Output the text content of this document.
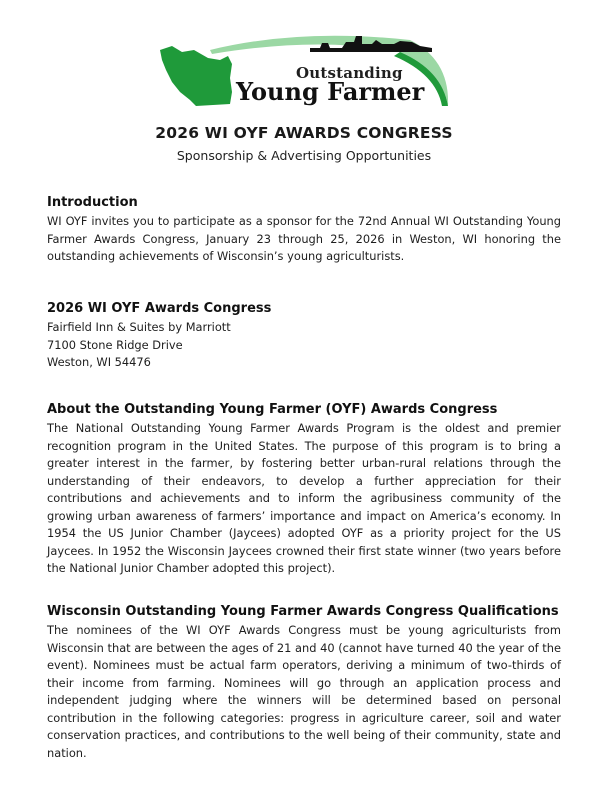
Outstanding
Young Farmer
2026 WI OYF AWARDS CONGRESS
Sponsorship & Advertising Opportunities
Introduction

WI OYF invites you to participate as a sponsor for the 72nd Annual WI Outstanding Young Farmer Awards Congress, January 23 through 25, 2026 in Weston, WI honoring the outstanding achievements of Wisconsin’s young agriculturists.

2026 WI OYF Awards Congress
Fairfield Inn & Suites by Marriott
7100 Stone Ridge Drive
Weston, WI 54476
About the Outstanding Young Farmer (OYF) Awards Congress

The National Outstanding Young Farmer Awards Program is the oldest and premier recognition program in the United States. The purpose of this program is to bring a greater interest in the farmer, by fostering better urban-rural relations through the understanding of their endeavors, to develop a further appreciation for their contributions and achievements and to inform the agribusiness community of the growing urban awareness of farmers’ importance and impact on America’s economy. In 1954 the US Junior Chamber (Jaycees) adopted OYF as a priority project for the US Jaycees. In 1952 the Wisconsin Jaycees crowned their first state winner (two years before the National Junior Chamber adopted this project).

Wisconsin Outstanding Young Farmer Awards Congress Qualifications

The nominees of the WI OYF Awards Congress must be young agriculturists from Wisconsin that are between the ages of 21 and 40 (cannot have turned 40 the year of the event). Nominees must be actual farm operators, deriving a minimum of two-thirds of their income from farming. Nominees will go through an application process and independent judging where the winners will be determined based on personal contribution in the following categories: progress in agriculture career, soil and water conservation practices, and contributions to the well being of their community, state and nation.
